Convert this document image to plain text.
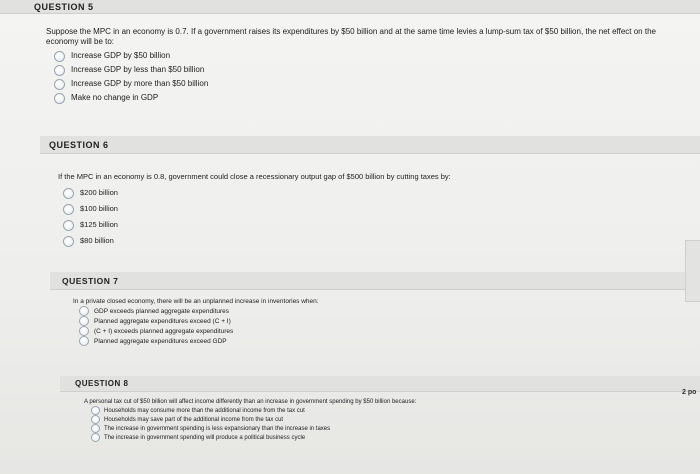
QUESTION 5

Suppose the MPC in an economy is 0.7. If a government raises its expenditures by $50 billion and at the same time levies a lump-sum tax of $50 billion, the net effect on the economy will be to:

Increase GDP by $50 billion
Increase GDP by less than $50 billion
Increase GDP by more than $50 billion
Make no change in GDP
QUESTION 6

If the MPC in an economy is 0.8, government could close a recessionary output gap of $500 billion by cutting taxes by:

$200 billion
$100 billion
$125 billion
$80 billion
QUESTION 7

In a private closed economy, there will be an unplanned increase in inventories when:

GDP exceeds planned aggregate expenditures
Planned aggregate expenditures exceed (C + I)
(C + I) exceeds planned aggregate expenditures
Planned aggregate expenditures exceed GDP
QUESTION 8
2 po

A personal tax cut of $50 billion will affect income differently than an increase in government spending by $50 billion because:

Households may consume more than the additional income from the tax cut
Households may save part of the additional income from the tax cut
The increase in government spending is less expansionary than the increase in taxes
The increase in government spending will produce a political business cycle
